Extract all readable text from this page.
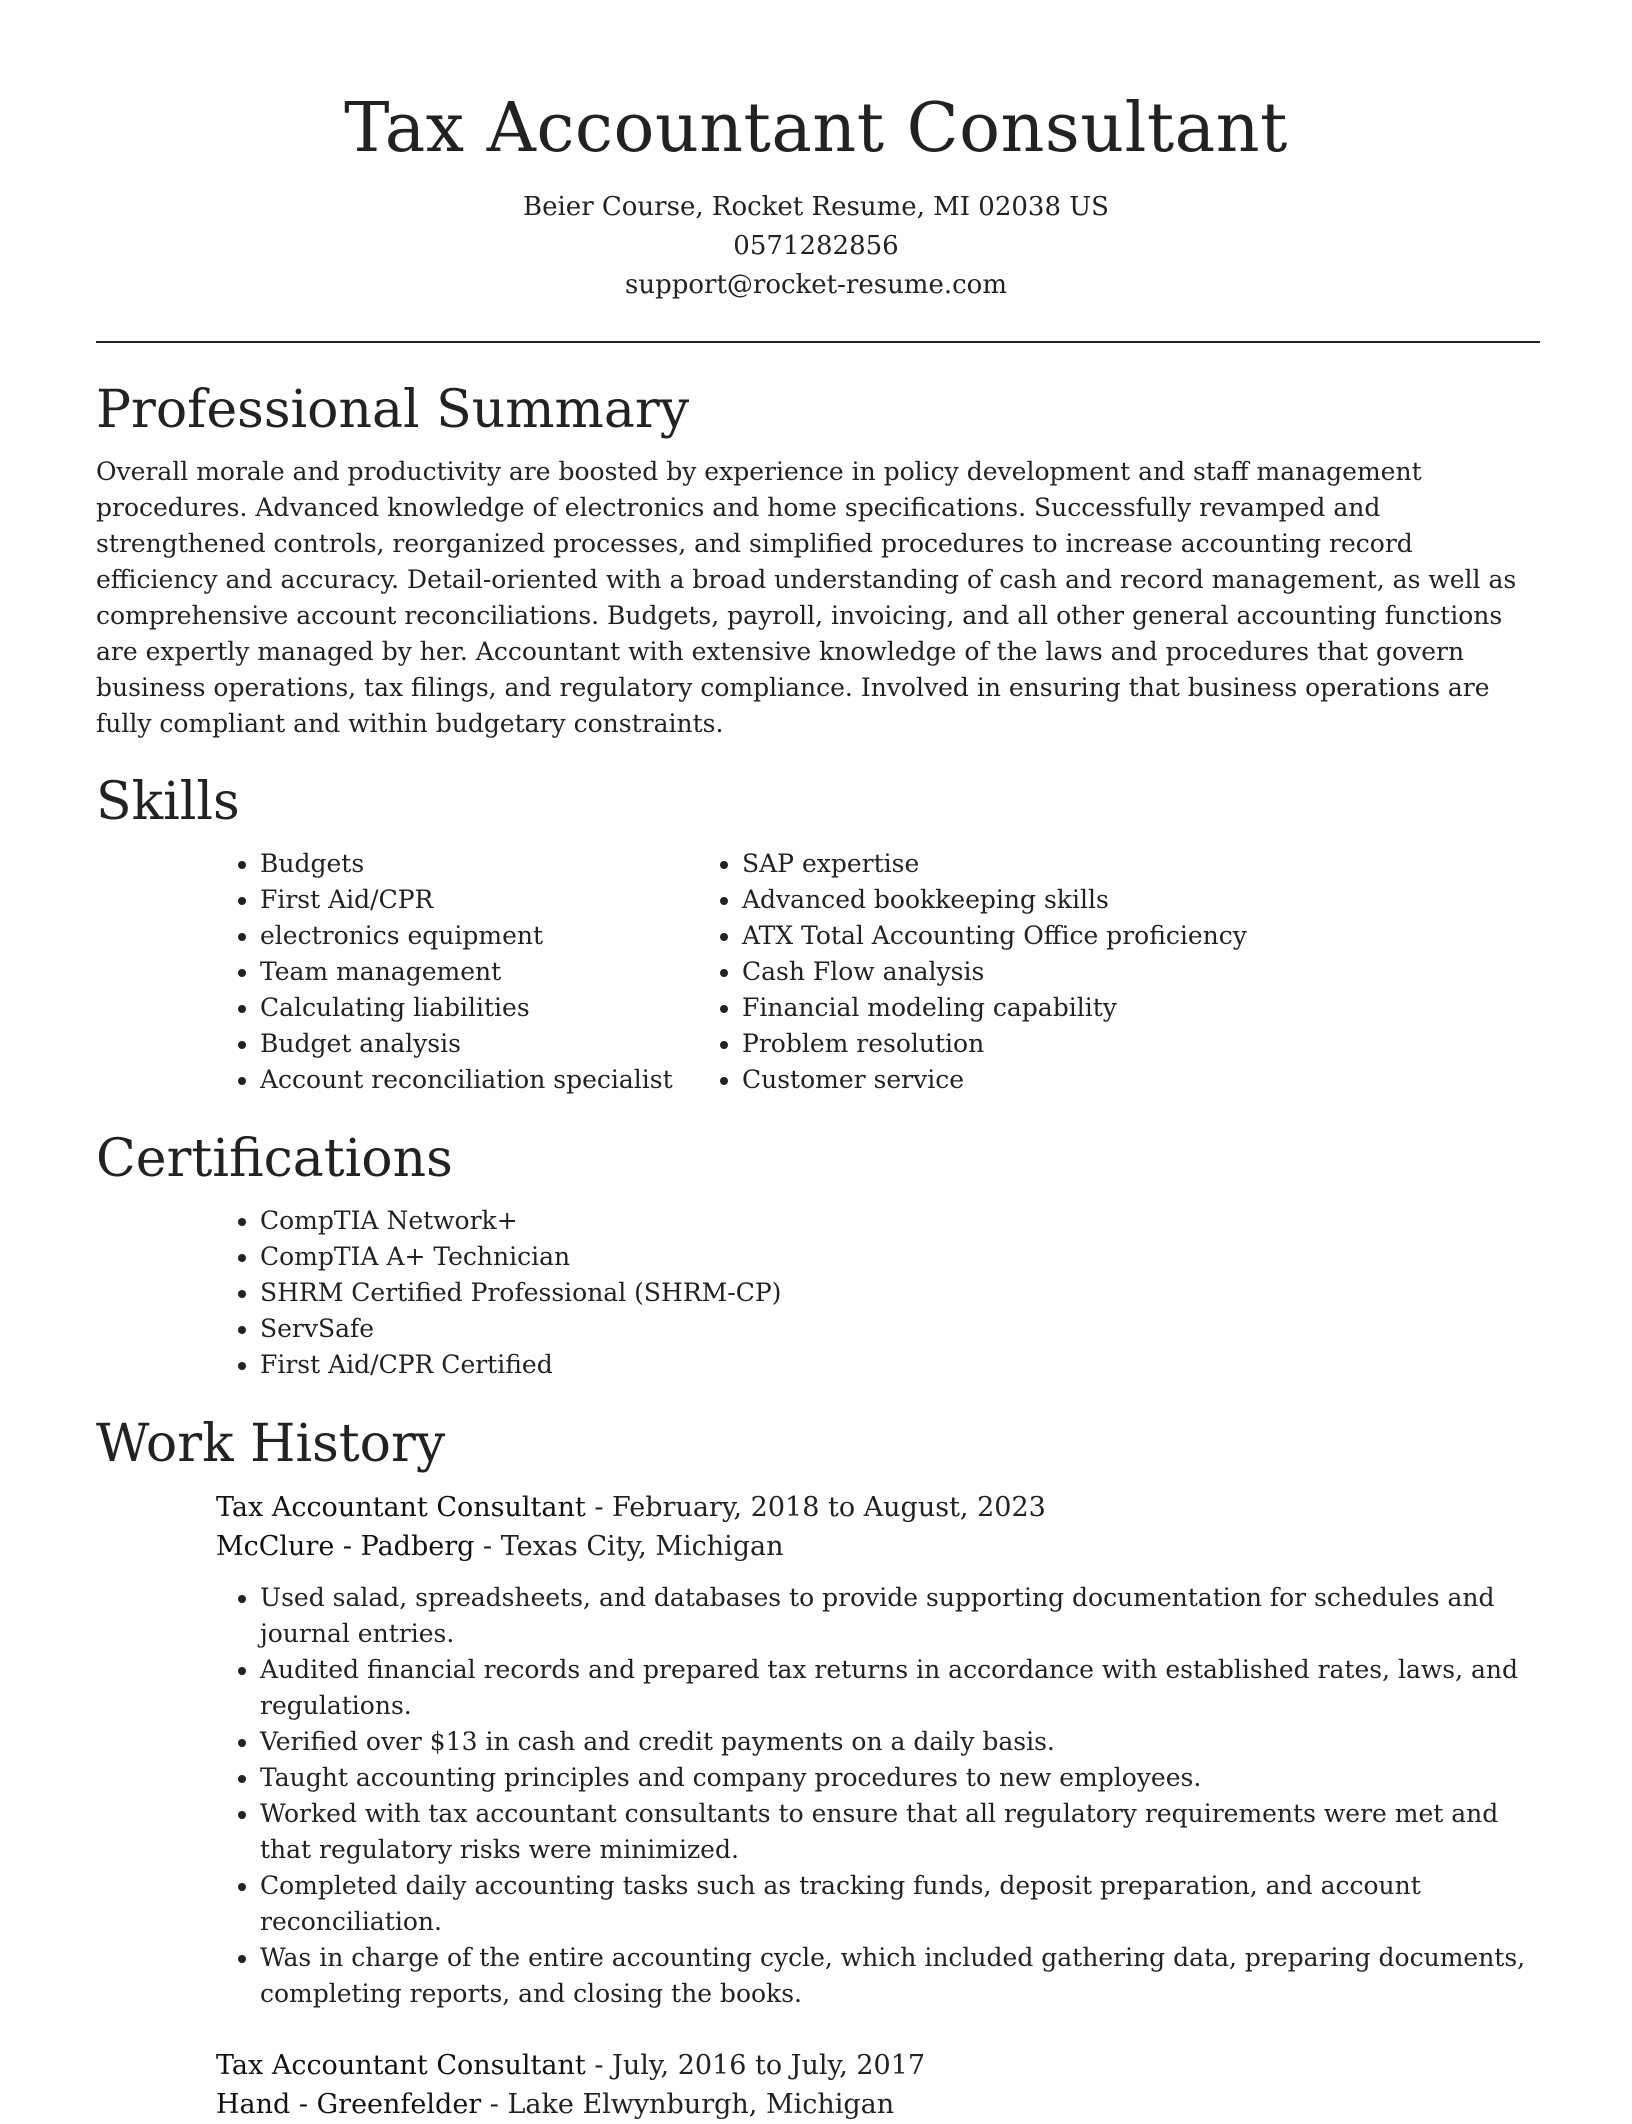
Tax Accountant Consultant

Beier Course, Rocket Resume, MI 02038 US

0571282856

support@rocket-resume.com

Professional Summary

Overall morale and productivity are boosted by experience in policy development and staff management procedures. Advanced knowledge of electronics and home specifications. Successfully revamped and strengthened controls, reorganized processes, and simplified procedures to increase accounting record efficiency and accuracy. Detail-oriented with a broad understanding of cash and record management, as well as comprehensive account reconciliations. Budgets, payroll, invoicing, and all other general accounting functions are expertly managed by her. Accountant with extensive knowledge of the laws and procedures that govern business operations, tax filings, and regulatory compliance. Involved in ensuring that business operations are fully compliant and within budgetary constraints.

Skills
• Budgets
• First Aid/CPR
• electronics equipment
• Team management
• Calculating liabilities
• Budget analysis
• Account reconciliation specialist
• SAP expertise
• Advanced bookkeeping skills
• ATX Total Accounting Office proficiency
• Cash Flow analysis
• Financial modeling capability
• Problem resolution
• Customer service
Certifications
• CompTIA Network+
• CompTIA A+ Technician
• SHRM Certified Professional (SHRM-CP)
• ServSafe
• First Aid/CPR Certified
Work History

Tax Accountant Consultant - February, 2018 to August, 2023

McClure - Padberg - Texas City, Michigan

• Used salad, spreadsheets, and databases to provide supporting documentation for schedules and journal entries.
• Audited financial records and prepared tax returns in accordance with established rates, laws, and regulations.
• Verified over $13 in cash and credit payments on a daily basis.
• Taught accounting principles and company procedures to new employees.
• Worked with tax accountant consultants to ensure that all regulatory requirements were met and that regulatory risks were minimized.
• Completed daily accounting tasks such as tracking funds, deposit preparation, and account reconciliation.
• Was in charge of the entire accounting cycle, which included gathering data, preparing documents, completing reports, and closing the books.

Tax Accountant Consultant - July, 2016 to July, 2017

Hand - Greenfelder - Lake Elwynburgh, Michigan
